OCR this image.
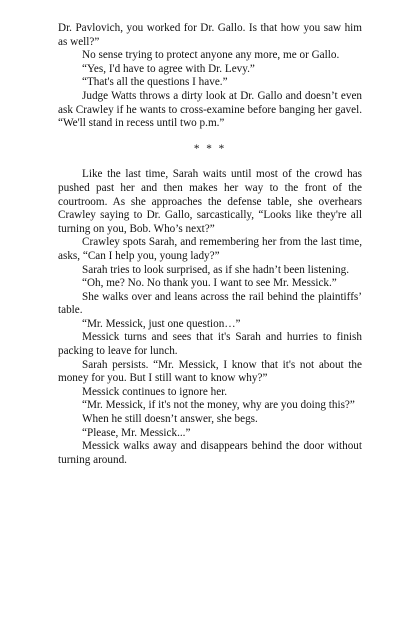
Dr. Pavlovich, you worked for Dr. Gallo. Is that how you saw him as well?”

No sense trying to protect anyone any more, me or Gallo.

“Yes, I'd have to agree with Dr. Levy.”

“That's all the questions I have.”

Judge Watts throws a dirty look at Dr. Gallo and doesn’t even ask Crawley if he wants to cross-examine before banging her gavel. “We'll stand in recess until two p.m.”

* * *

Like the last time, Sarah waits until most of the crowd has pushed past her and then makes her way to the front of the courtroom. As she approaches the defense table, she overhears Crawley saying to Dr. Gallo, sarcastically, “Looks like they're all turning on you, Bob. Who’s next?”

Crawley spots Sarah, and remembering her from the last time, asks, “Can I help you, young lady?”

Sarah tries to look surprised, as if she hadn’t been listening.

“Oh, me? No. No thank you. I want to see Mr. Messick.”

She walks over and leans across the rail behind the plaintiffs’ table.

“Mr. Messick, just one question…”

Messick turns and sees that it's Sarah and hurries to finish packing to leave for lunch.

Sarah persists. “Mr. Messick, I know that it's not about the money for you. But I still want to know why?”

Messick continues to ignore her.

“Mr. Messick, if it's not the money, why are you doing this?”

When he still doesn’t answer, she begs.

“Please, Mr. Messick...”

Messick walks away and disappears behind the door without turning around.
